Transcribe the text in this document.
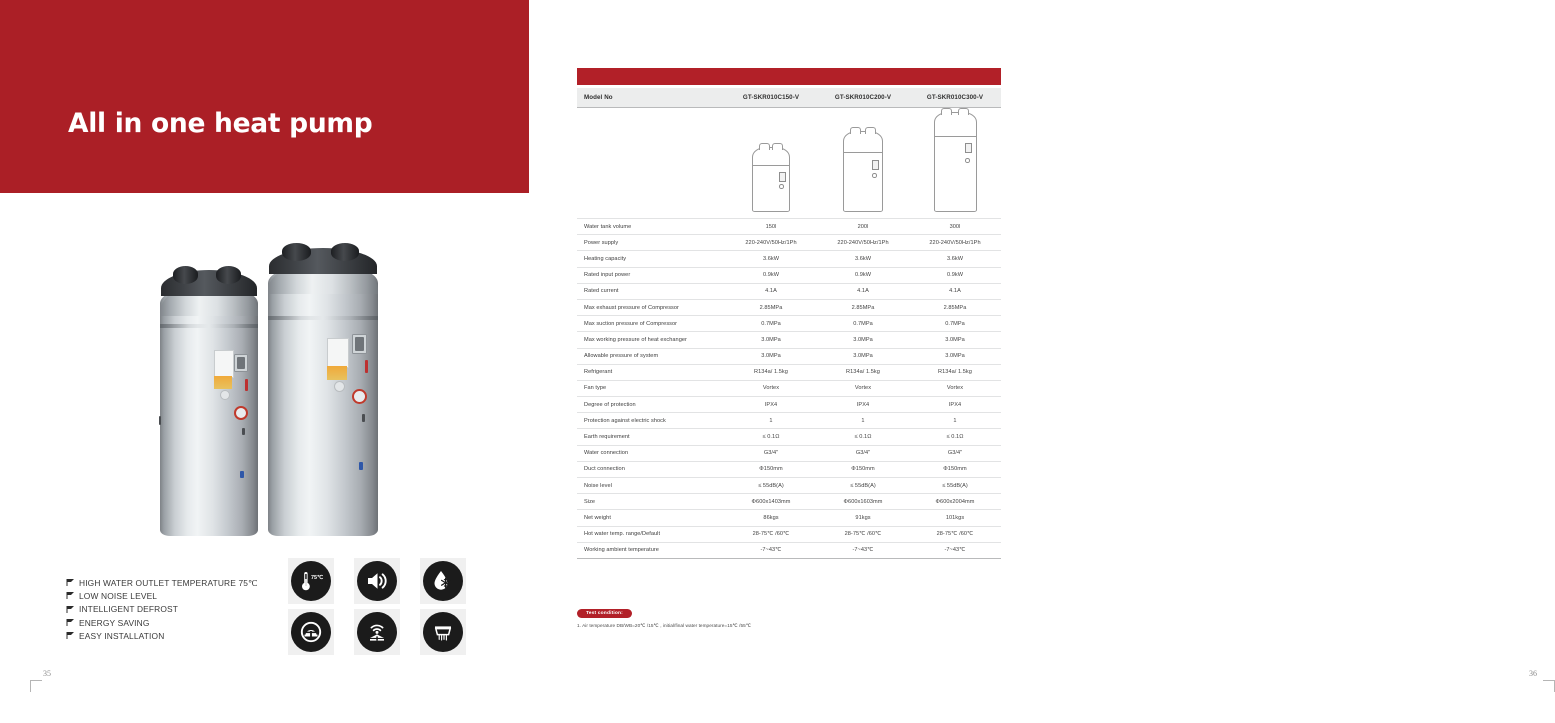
All in one heat pump
HIGH WATER OUTLET TEMPERATURE 75℃
LOW NOISE LEVEL
INTELLIGENT DEFROST
ENERGY SAVING
EASY INSTALLATION
75℃
35
Model No	GT-SKR010C150-V	GT-SKR010C200-V	GT-SKR010C300-V

Water tank volume	150l	200l	300l
Power supply	220-240V/50Hz/1Ph	220-240V/50Hz/1Ph	220-240V/50Hz/1Ph
Heating capacity	3.6kW	3.6kW	3.6kW
Rated input power	0.9kW	0.9kW	0.9kW
Rated current	4.1A	4.1A	4.1A
Max exhaust pressure of Compressor	2.85MPa	2.85MPa	2.85MPa
Max suction pressure of Compressor	0.7MPa	0.7MPa	0.7MPa
Max working pressure of heat exchanger	3.0MPa	3.0MPa	3.0MPa
Allowable pressure of system	3.0MPa	3.0MPa	3.0MPa
Refrigerant	R134a/ 1.5kg	R134a/ 1.5kg	R134a/ 1.5kg
Fan type	Vortex	Vortex	Vortex
Degree of protection	IPX4	IPX4	IPX4
Protection against electric shock	1	1	1
Earth requirement	≤ 0.1Ω	≤ 0.1Ω	≤ 0.1Ω
Water connection	G3/4"	G3/4"	G3/4"
Duct connection	Φ150mm	Φ150mm	Φ150mm
Noise level	≤ 55dB(A)	≤ 55dB(A)	≤ 55dB(A)
Size	Φ600x1403mm	Φ600x1603mm	Φ600x2004mm
Net weight	86kgs	91kgs	101kgs
Hot water temp. range/Default	28-75℃ /60℃	28-75℃ /60℃	28-75℃ /60℃
Working ambient temperature	-7~43℃	-7~43℃	-7~43℃
Test condition:
1. Air temperature DB/WB=20℃ /15℃ , initial/final water temperature=15℃ /55℃
36
